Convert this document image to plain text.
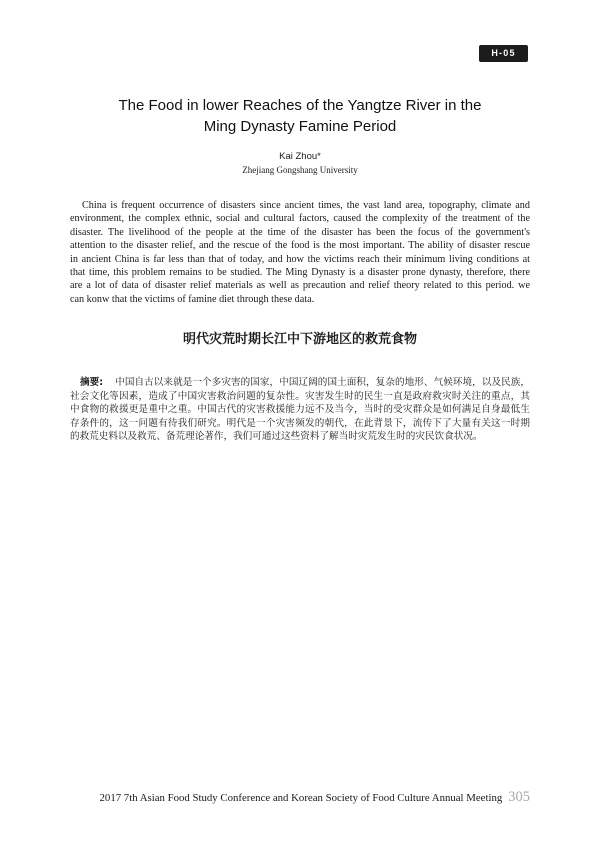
H-05
The Food in lower Reaches of the Yangtze River in the
Ming Dynasty Famine Period
Kai Zhou*
Zhejiang Gongshang University
China is frequent occurrence of disasters since ancient times, the vast land area, topography, climate and
environment, the complex ethnic, social and cultural factors, caused the complexity of the treatment of the
disaster. The livelihood of the people at the time of the disaster has been the focus of the government's
attention to the disaster relief, and the rescue of the food is the most important. The ability of disaster rescue
in ancient China is far less than that of today, and how the victims reach their minimum living conditions at
that time, this problem remains to be studied. The Ming Dynasty is a disaster prone dynasty, therefore, there
are a lot of data of disaster relief materials as well as precaution and relief theory related to this period. we
can konw that the victims of famine diet through these data.
明代灾荒时期长江中下游地区的救荒食物
摘要: 中国自古以来就是一个多灾害的国家，中国辽阔的国土面积，复杂的地形、气候环境，以及民族，
社会文化等因素，造成了中国灾害救治问题的复杂性。灾害发生时的民生一直是政府救灾时关注的重点，其
中食物的救援更是重中之重。中国古代的灾害救援能力远不及当今，当时的受灾群众是如何满足自身最低生
存条件的，这一问题有待我们研究。明代是一个灾害频发的朝代，在此背景下，流传下了大量有关这一时期
的救荒史料以及救荒、备荒理论著作，我们可通过这些资料了解当时灾荒发生时的灾民饮食状况。
2017 7th Asian Food Study Conference and Korean Society of Food Culture Annual Meeting 305
